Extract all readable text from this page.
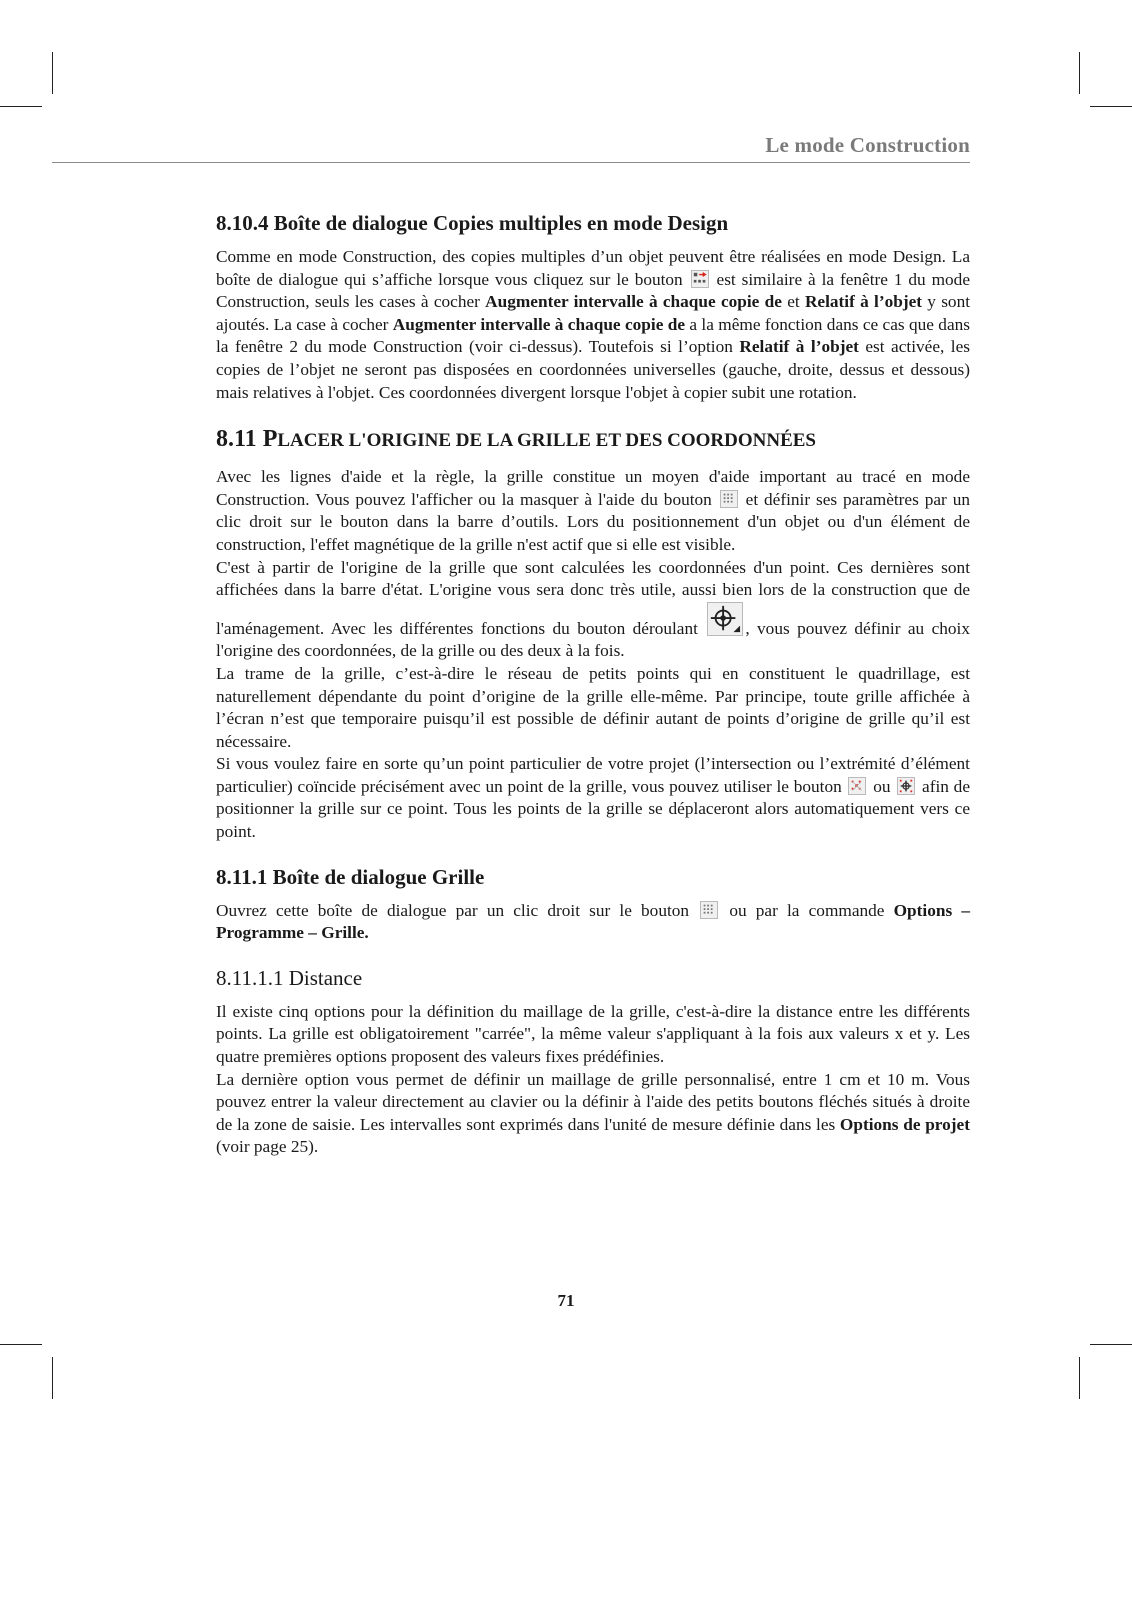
Le mode Construction
8.10.4 Boîte de dialogue Copies multiples en mode Design

Comme en mode Construction, des copies multiples d’un objet peuvent être réalisées en mode Design. La boîte de dialogue qui s’affiche lorsque vous cliquez sur le bouton
est similaire à la fenêtre 1 du mode Construction, seuls les cases à cocher Augmenter intervalle à chaque copie de et Relatif à l’objet y sont ajoutés. La case à cocher Augmenter intervalle à chaque copie de a la même fonction dans ce cas que dans la fenêtre 2 du mode Construction (voir ci-dessus). Toutefois si l’option Relatif à l’objet est activée, les copies de l’objet ne seront pas disposées en coordonnées universelles (gauche, droite, dessus et dessous) mais relatives à l'objet. Ces coordonnées divergent lorsque l'objet à copier subit une rotation.

8.11 PLACER L'ORIGINE DE LA GRILLE ET DES COORDONNÉES

Avec les lignes d'aide et la règle, la grille constitue un moyen d'aide important au tracé en mode Construction. Vous pouvez l'afficher ou la masquer à l'aide du bouton
et définir ses paramètres par un clic droit sur le bouton dans la barre d’outils. Lors du positionnement d'un objet ou d'un élément de construction, l'effet magnétique de la grille n'est actif que si elle est visible.

C'est à partir de l'origine de la grille que sont calculées les coordonnées d'un point. Ces dernières sont affichées dans la barre d'état. L'origine vous sera donc très utile, aussi bien lors de la construction que de l'aménagement. Avec les différentes fonctions du bouton déroulant
, vous pouvez définir au choix l'origine des coordonnées, de la grille ou des deux à la fois.

La trame de la grille, c’est-à-dire le réseau de petits points qui en constituent le quadrillage, est naturellement dépendante du point d’origine de la grille elle-même. Par principe, toute grille affichée à l’écran n’est que temporaire puisqu’il est possible de définir autant de points d’origine de grille qu’il est nécessaire.

Si vous voulez faire en sorte qu’un point particulier de votre projet (l’intersection ou l’extrémité d’élément particulier) coïncide précisément avec un point de la grille, vous pouvez utiliser le bouton
ou
afin de positionner la grille sur ce point. Tous les points de la grille se déplaceront alors automatiquement vers ce point.

8.11.1 Boîte de dialogue Grille

Ouvrez cette boîte de dialogue par un clic droit sur le bouton
ou par la commande Options – Programme – Grille.

8.11.1.1 Distance

Il existe cinq options pour la définition du maillage de la grille, c'est-à-dire la distance entre les différents points. La grille est obligatoirement "carrée", la même valeur s'appliquant à la fois aux valeurs x et y. Les quatre premières options proposent des valeurs fixes prédéfinies.

La dernière option vous permet de définir un maillage de grille personnalisé, entre 1 cm et 10 m. Vous pouvez entrer la valeur directement au clavier ou la définir à l'aide des petits boutons fléchés situés à droite de la zone de saisie. Les intervalles sont exprimés dans l'unité de mesure définie dans les Options de projet (voir page 25).

71
